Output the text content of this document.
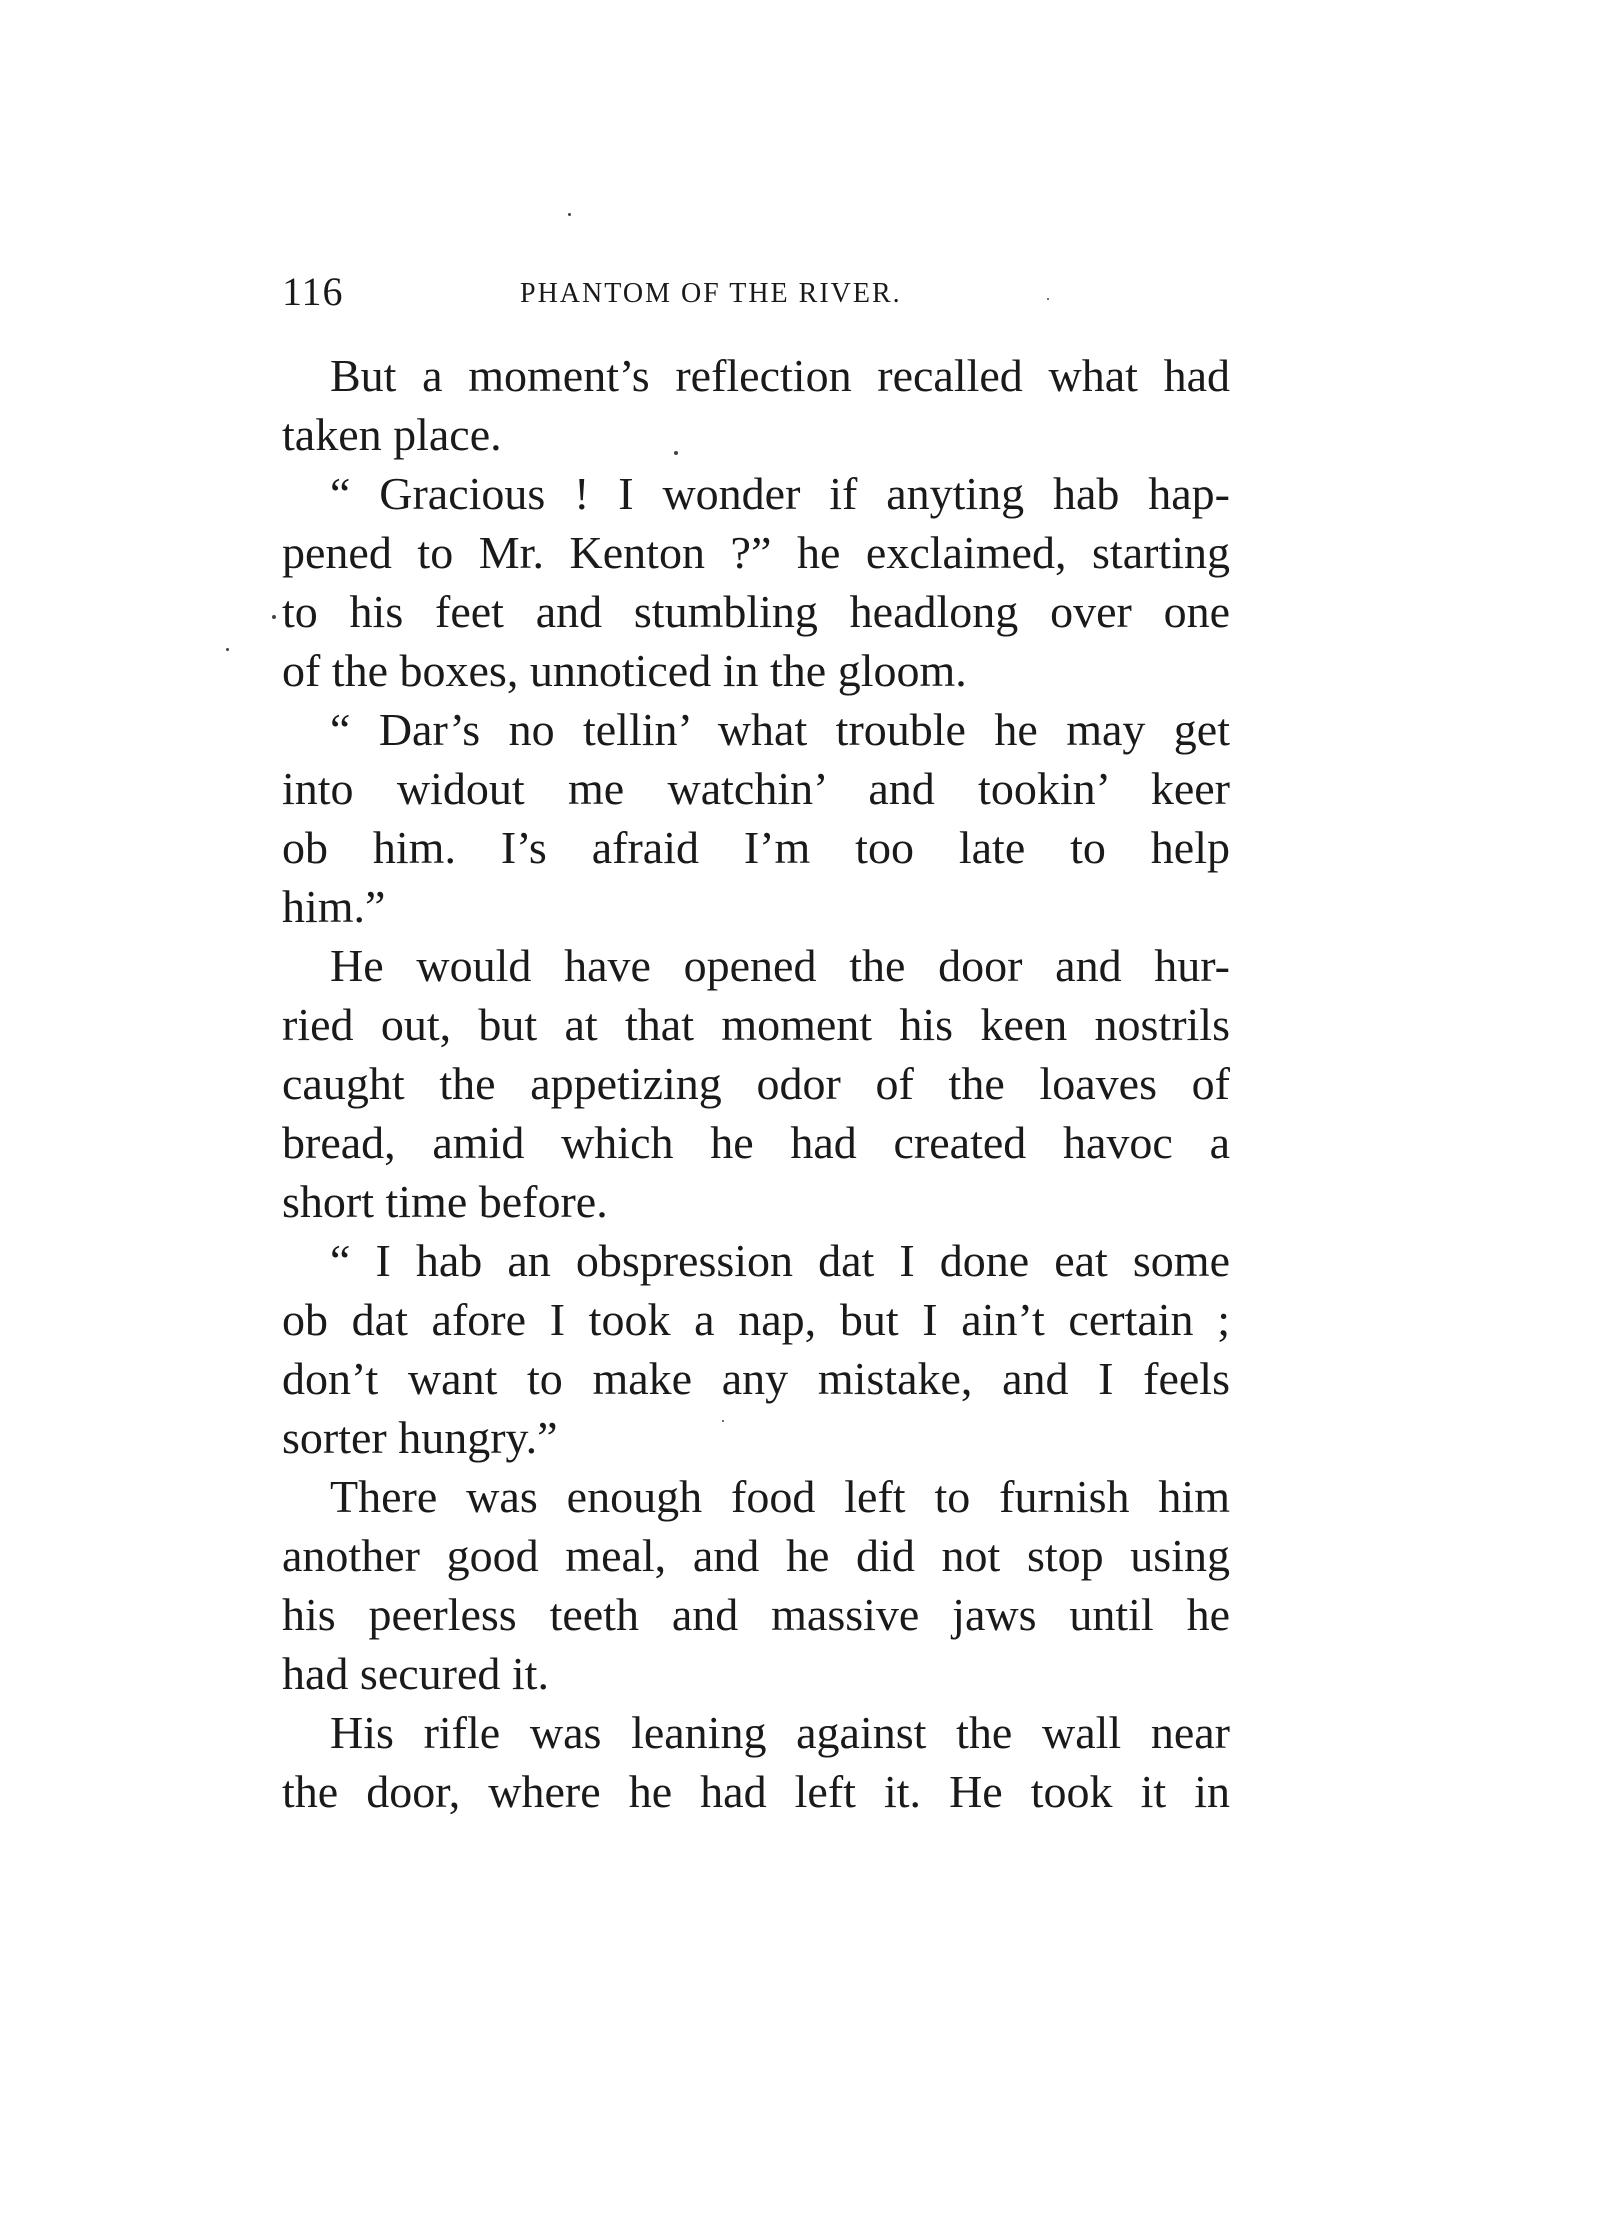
116	PHANTOM OF THE RIVER.
But a moment’s reflection recalled what had
taken place.
“ Gracious ! I wonder if anyting hab hap-
pened to Mr. Kenton ?” he exclaimed, starting
to his feet and stumbling headlong over one
of the boxes, unnoticed in the gloom.
“ Dar’s no tellin’ what trouble he may get
into widout me watchin’ and tookin’ keer
ob him. I’s afraid I’m too late to help
him.”
He would have opened the door and hur-
ried out, but at that moment his keen nostrils
caught the appetizing odor of the loaves of
bread, amid which he had created havoc a
short time before.
“ I hab an obspression dat I done eat some
ob dat afore I took a nap, but I ain’t certain ;
don’t want to make any mistake, and I feels
sorter hungry.”
There was enough food left to furnish him
another good meal, and he did not stop using
his peerless teeth and massive jaws until he
had secured it.
His rifle was leaning against the wall near
the door, where he had left it. He took it in
